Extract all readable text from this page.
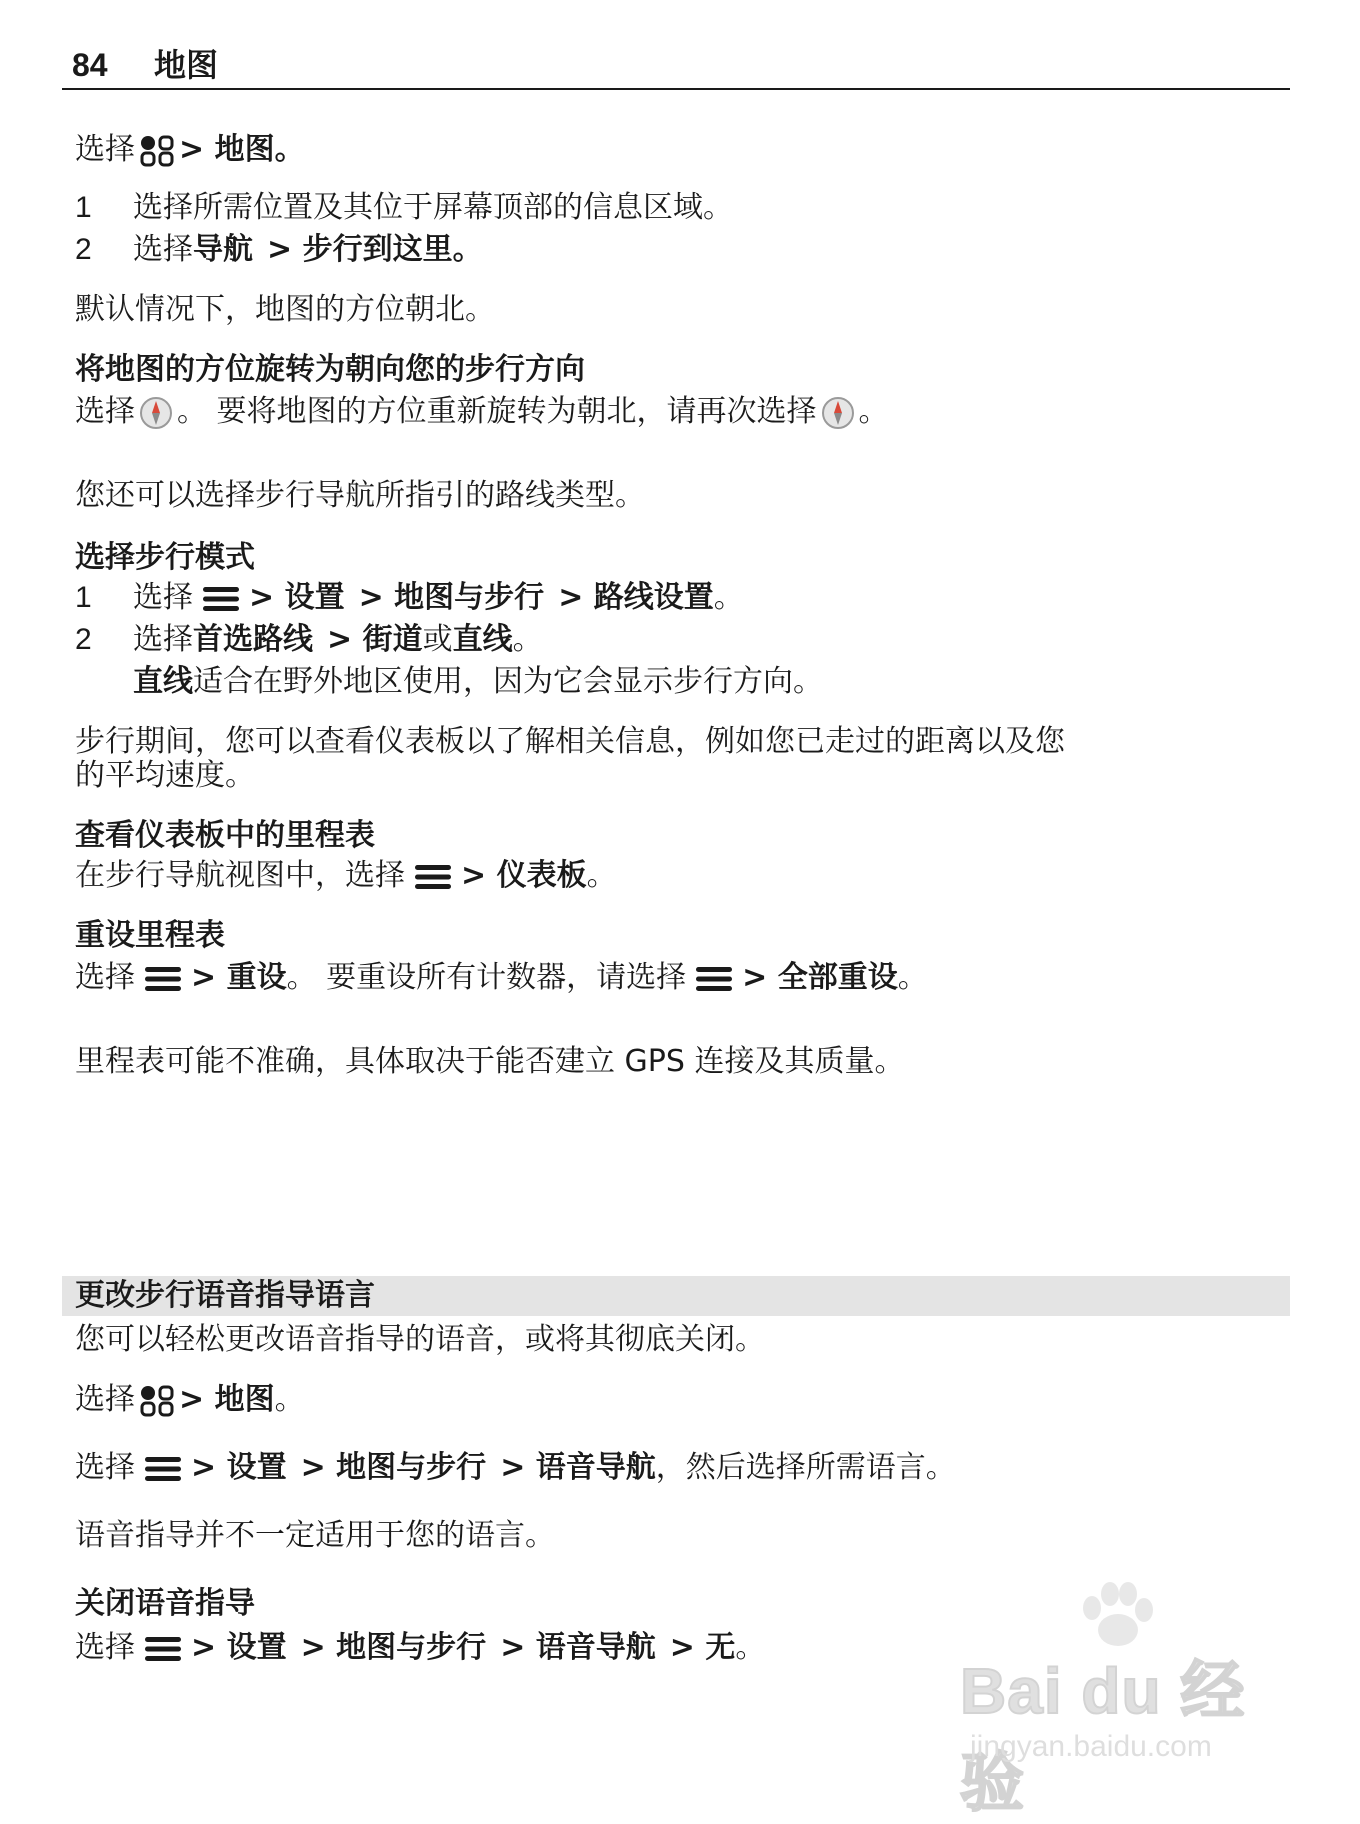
84 地图
选择 > 地图。
1 选择所需位置及其位于屏幕顶部的信息区域。
2 选择导航 > 步行到这里。
默认情况下，地图的方位朝北。
将地图的方位旋转为朝向您的步行方向
选择 。 要将地图的方位重新旋转为朝北，请再次选择 。
您还可以选择步行导航所指引的路线类型。
选择步行模式
1 选择 > 设置 > 地图与步行 > 路线设置。
2 选择首选路线 > 街道或直线。
直线适合在野外地区使用，因为它会显示步行方向。
步行期间，您可以查看仪表板以了解相关信息，例如您已走过的距离以及您
的平均速度。
查看仪表板中的里程表
在步行导航视图中，选择 > 仪表板。
重设里程表
选择 > 重设。 要重设所有计数器，请选择 > 全部重设。
里程表可能不准确，具体取决于能否建立 GPS 连接及其质量。
更改步行语音指导语言
您可以轻松更改语音指导的语音，或将其彻底关闭。
选择 > 地图。
选择 > 设置 > 地图与步行 > 语音导航，然后选择所需语言。
语音指导并不一定适用于您的语言。
关闭语音指导
选择 > 设置 > 地图与步行 > 语音导航 > 无。
Bai du 经验
jingyan.baidu.com
